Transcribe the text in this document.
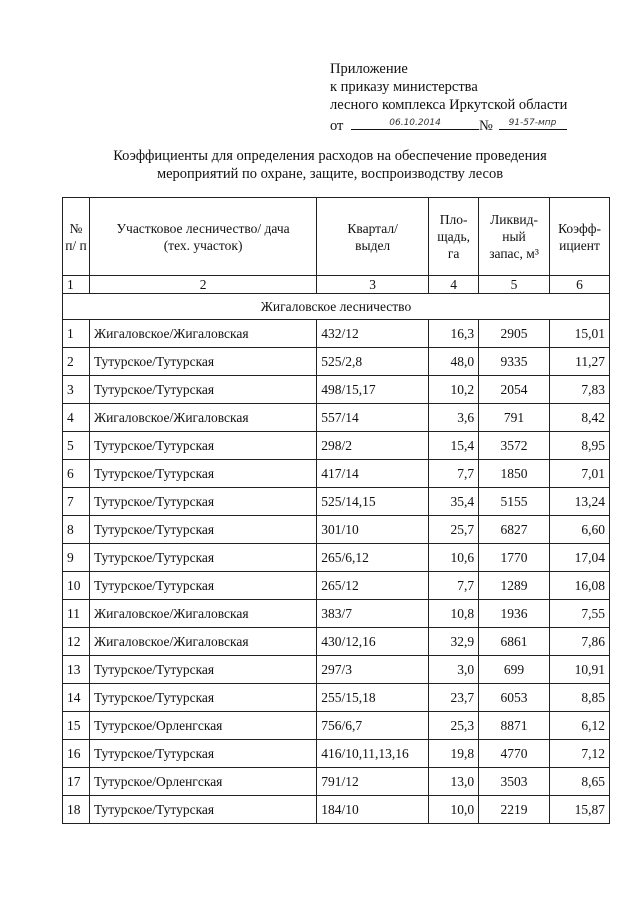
Приложение
к приказу министерства
лесного комплекса Иркутской области
от	06.10.2014	№	91-57-мпр
Коэффициенты для определения расходов на обеспечение проведения
мероприятий по охране, защите, воспроизводству лесов
№ п/ п	Участковое лесничество/ дача (тех. участок)	Квартал/ выдел	Пло-щадь, га	Ликвид-ный запас, м³	Коэфф-ициент
1	2	3	4	5	6
Жигаловское лесничество					
1	Жигаловское/Жигаловская	432/12	16,3	2905	15,01
2	Тутурское/Тутурская	525/2,8	48,0	9335	11,27
3	Тутурское/Тутурская	498/15,17	10,2	2054	7,83
4	Жигаловское/Жигаловская	557/14	3,6	791	8,42
5	Тутурское/Тутурская	298/2	15,4	3572	8,95
6	Тутурское/Тутурская	417/14	7,7	1850	7,01
7	Тутурское/Тутурская	525/14,15	35,4	5155	13,24
8	Тутурское/Тутурская	301/10	25,7	6827	6,60
9	Тутурское/Тутурская	265/6,12	10,6	1770	17,04
10	Тутурское/Тутурская	265/12	7,7	1289	16,08
11	Жигаловское/Жигаловская	383/7	10,8	1936	7,55
12	Жигаловское/Жигаловская	430/12,16	32,9	6861	7,86
13	Тутурское/Тутурская	297/3	3,0	699	10,91
14	Тутурское/Тутурская	255/15,18	23,7	6053	8,85
15	Тутурское/Орленгская	756/6,7	25,3	8871	6,12
16	Тутурское/Тутурская	416/10,11,13,16	19,8	4770	7,12
17	Тутурское/Орленгская	791/12	13,0	3503	8,65
18	Тутурское/Тутурская	184/10	10,0	2219	15,87
